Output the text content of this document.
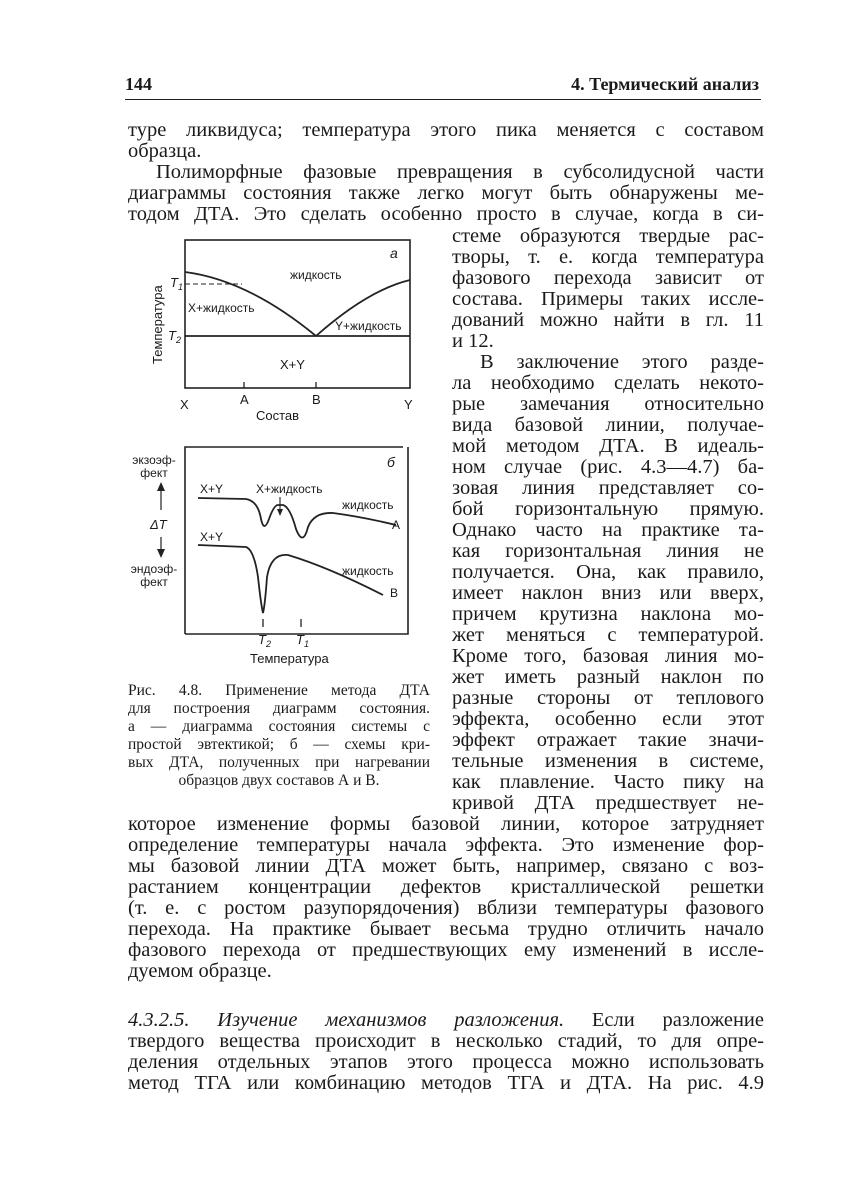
144	4. Термический анализ
туре ликвидуса; температура этого пика меняется с составом
образца.
Полиморфные фазовые превращения в субсолидусной части
диаграммы состояния также легко могут быть обнаружены ме-
тодом ДТА. Это сделать особенно просто в случае, когда в си-
стеме образуются твердые рас-
творы, т. е. когда температура
фазового перехода зависит от
состава. Примеры таких иссле-
дований можно найти в гл. 11
и 12.
В заключение этого разде-
ла необходимо сделать некото-
рые замечания относительно
вида базовой линии, получае-
мой методом ДТА. В идеаль-
ном случае (рис. 4.3—4.7) ба-
зовая линия представляет со-
бой горизонтальную прямую.
Однако часто на практике та-
кая горизонтальная линия не
получается. Она, как правило,
имеет наклон вниз или вверх,
причем крутизна наклона мо-
жет меняться с температурой.
Кроме того, базовая линия мо-
жет иметь разный наклон по
разные стороны от теплового
эффекта, особенно если этот
эффект отражает такие значи-
тельные изменения в системе,
как плавление. Часто пику на
кривой ДТА предшествует не-
которое изменение формы базовой линии, которое затрудняет
определение температуры начала эффекта. Это изменение фор-
мы базовой линии ДТА может быть, например, связано с воз-
растанием концентрации дефектов кристаллической решетки
(т. е. с ростом разупорядочения) вблизи температуры фазового
перехода. На практике бывает весьма трудно отличить начало
фазового перехода от предшествующих ему изменений в иссле-
дуемом образце.
4.3.2.5. Изучение механизмов разложения. Если разложение
твердого вещества происходит в несколько стадий, то для опре-
деления отдельных этапов этого процесса можно использовать
метод ТГА или комбинацию методов ТГА и ДТА. На рис. 4.9
а
Температура
$T_1$
$T_2$
жидкость
X+жидкость
Y+жидкость
X+Y
X	A	B	Y
Состав
б
экзоэф-
фект
ΔT
эндоэф-
фект
X+Y	X+жидкость
жидкость
A
X+Y
жидкость
B
$T_2$ $T_1$
Температура
Рис. 4.8. Применение метода ДТА
для построения диаграмм состояния.
а — диаграмма состояния системы с
простой эвтектикой; б — схемы кри-
вых ДТА, полученных при нагревании
образцов двух составов А и В.
